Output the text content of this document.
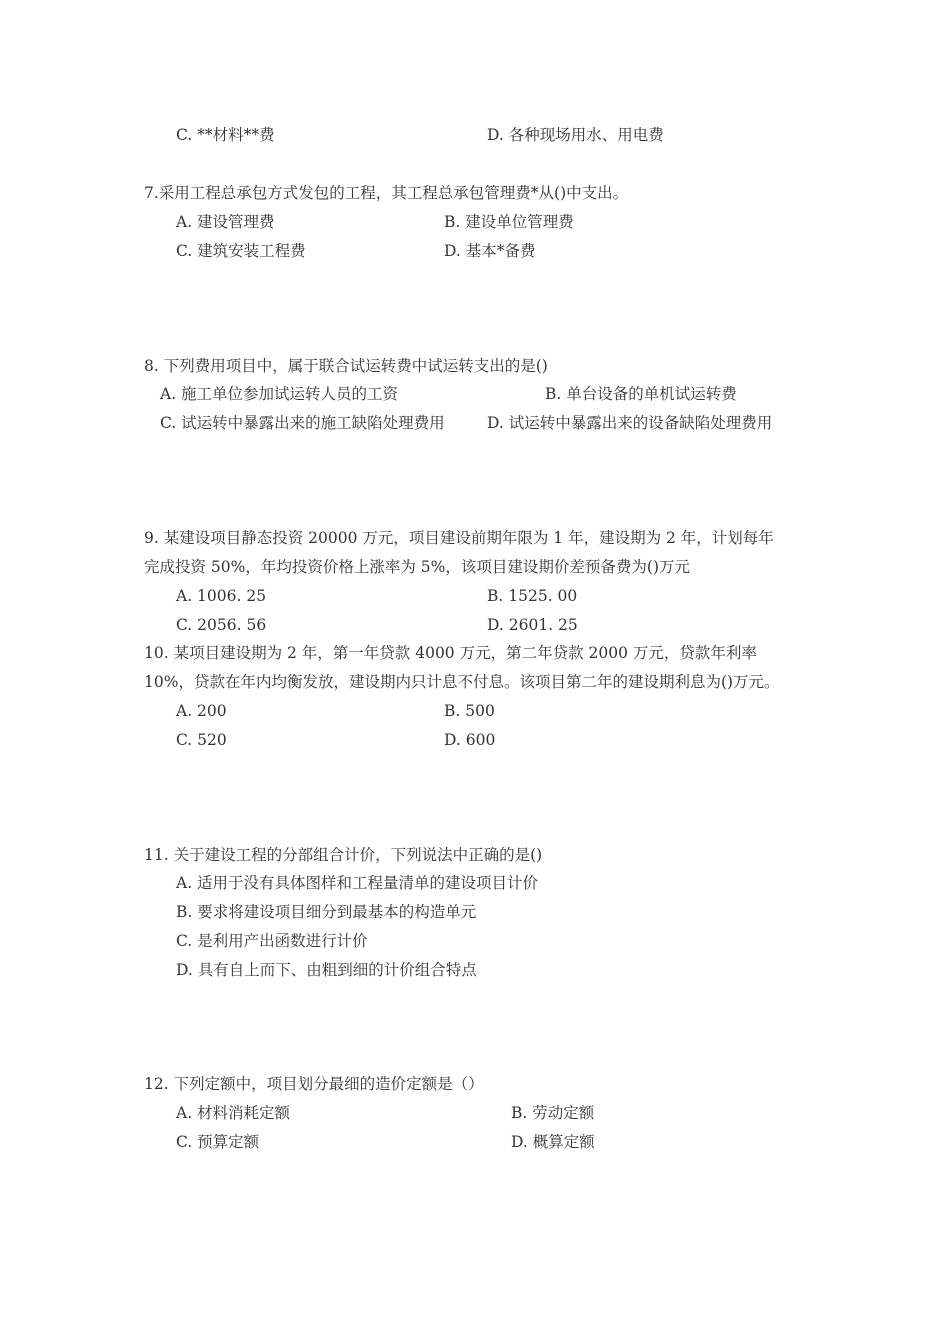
C. **材料**费	D. 各种现场用水、用电费
7.采用工程总承包方式发包的工程，其工程总承包管理费*从()中支出。
A. 建设管理费	B. 建设单位管理费
C. 建筑安装工程费	D. 基本*备费
8. 下列费用项目中，属于联合试运转费中试运转支出的是()
A. 施工单位参加试运转人员的工资	B. 单台设备的单机试运转费
C. 试运转中暴露出来的施工缺陷处理费用	D. 试运转中暴露出来的设备缺陷处理费用
9. 某建设项目静态投资 20000 万元，项目建设前期年限为 1 年，建设期为 2 年，计划每年
完成投资 50%，年均投资价格上涨率为 5%，该项目建设期价差预备费为()万元
A. 1006. 25	B. 1525. 00
C. 2056. 56	D. 2601. 25
10. 某项目建设期为 2 年，第一年贷款 4000 万元，第二年贷款 2000 万元，贷款年利率
10%，贷款在年内均衡发放，建设期内只计息不付息。该项目第二年的建设期利息为()万元。
A. 200	B. 500
C. 520	D. 600
11. 关于建设工程的分部组合计价，下列说法中正确的是()
A. 适用于没有具体图样和工程量清单的建设项目计价
B. 要求将建设项目细分到最基本的构造单元
C. 是利用产出函数进行计价
D. 具有自上而下、由粗到细的计价组合特点
12. 下列定额中，项目划分最细的造价定额是（）
A. 材料消耗定额	B. 劳动定额
C. 预算定额	D. 概算定额
